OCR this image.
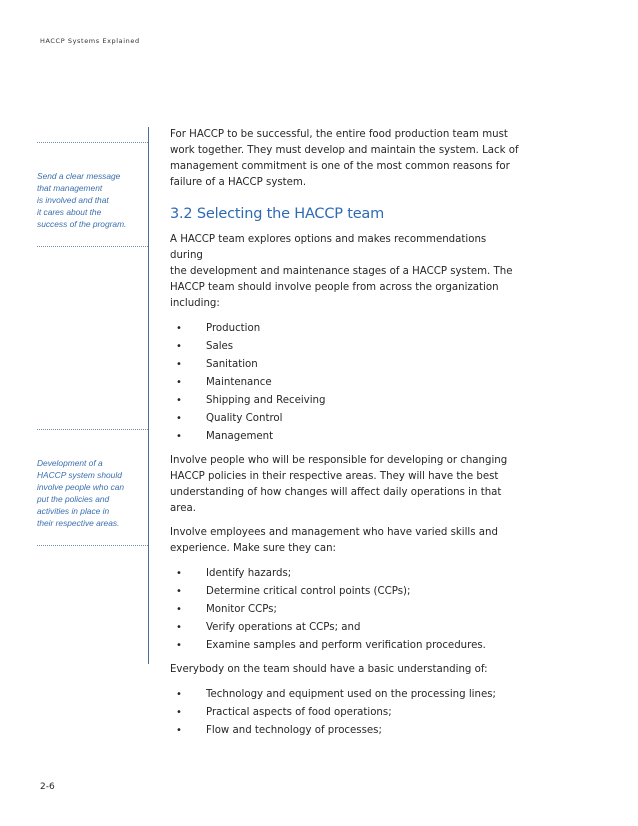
HACCP Systems Explained

Send a clear message
that management
is involved and that
it cares about the
success of the program.

Development of a
HACCP system should
involve people who can
put the policies and
activities in place in
their respective areas.

For HACCP to be successful, the entire food production team must
work together. They must develop and maintain the system. Lack of
management commitment is one of the most common reasons for
failure of a HACCP system.

3.2 Selecting the HACCP team

A HACCP team explores options and makes recommendations during
the development and maintenance stages of a HACCP system. The
HACCP team should involve people from across the organization
including:

• Production
• Sales
• Sanitation
• Maintenance
• Shipping and Receiving
• Quality Control
• Management

Involve people who will be responsible for developing or changing
HACCP policies in their respective areas. They will have the best
understanding of how changes will affect daily operations in that area.

Involve employees and management who have varied skills and
experience. Make sure they can:

• Identify hazards;
• Determine critical control points (CCPs);
• Monitor CCPs;
• Verify operations at CCPs; and
• Examine samples and perform verification procedures.

Everybody on the team should have a basic understanding of:

• Technology and equipment used on the processing lines;
• Practical aspects of food operations;
• Flow and technology of processes;
2-6
